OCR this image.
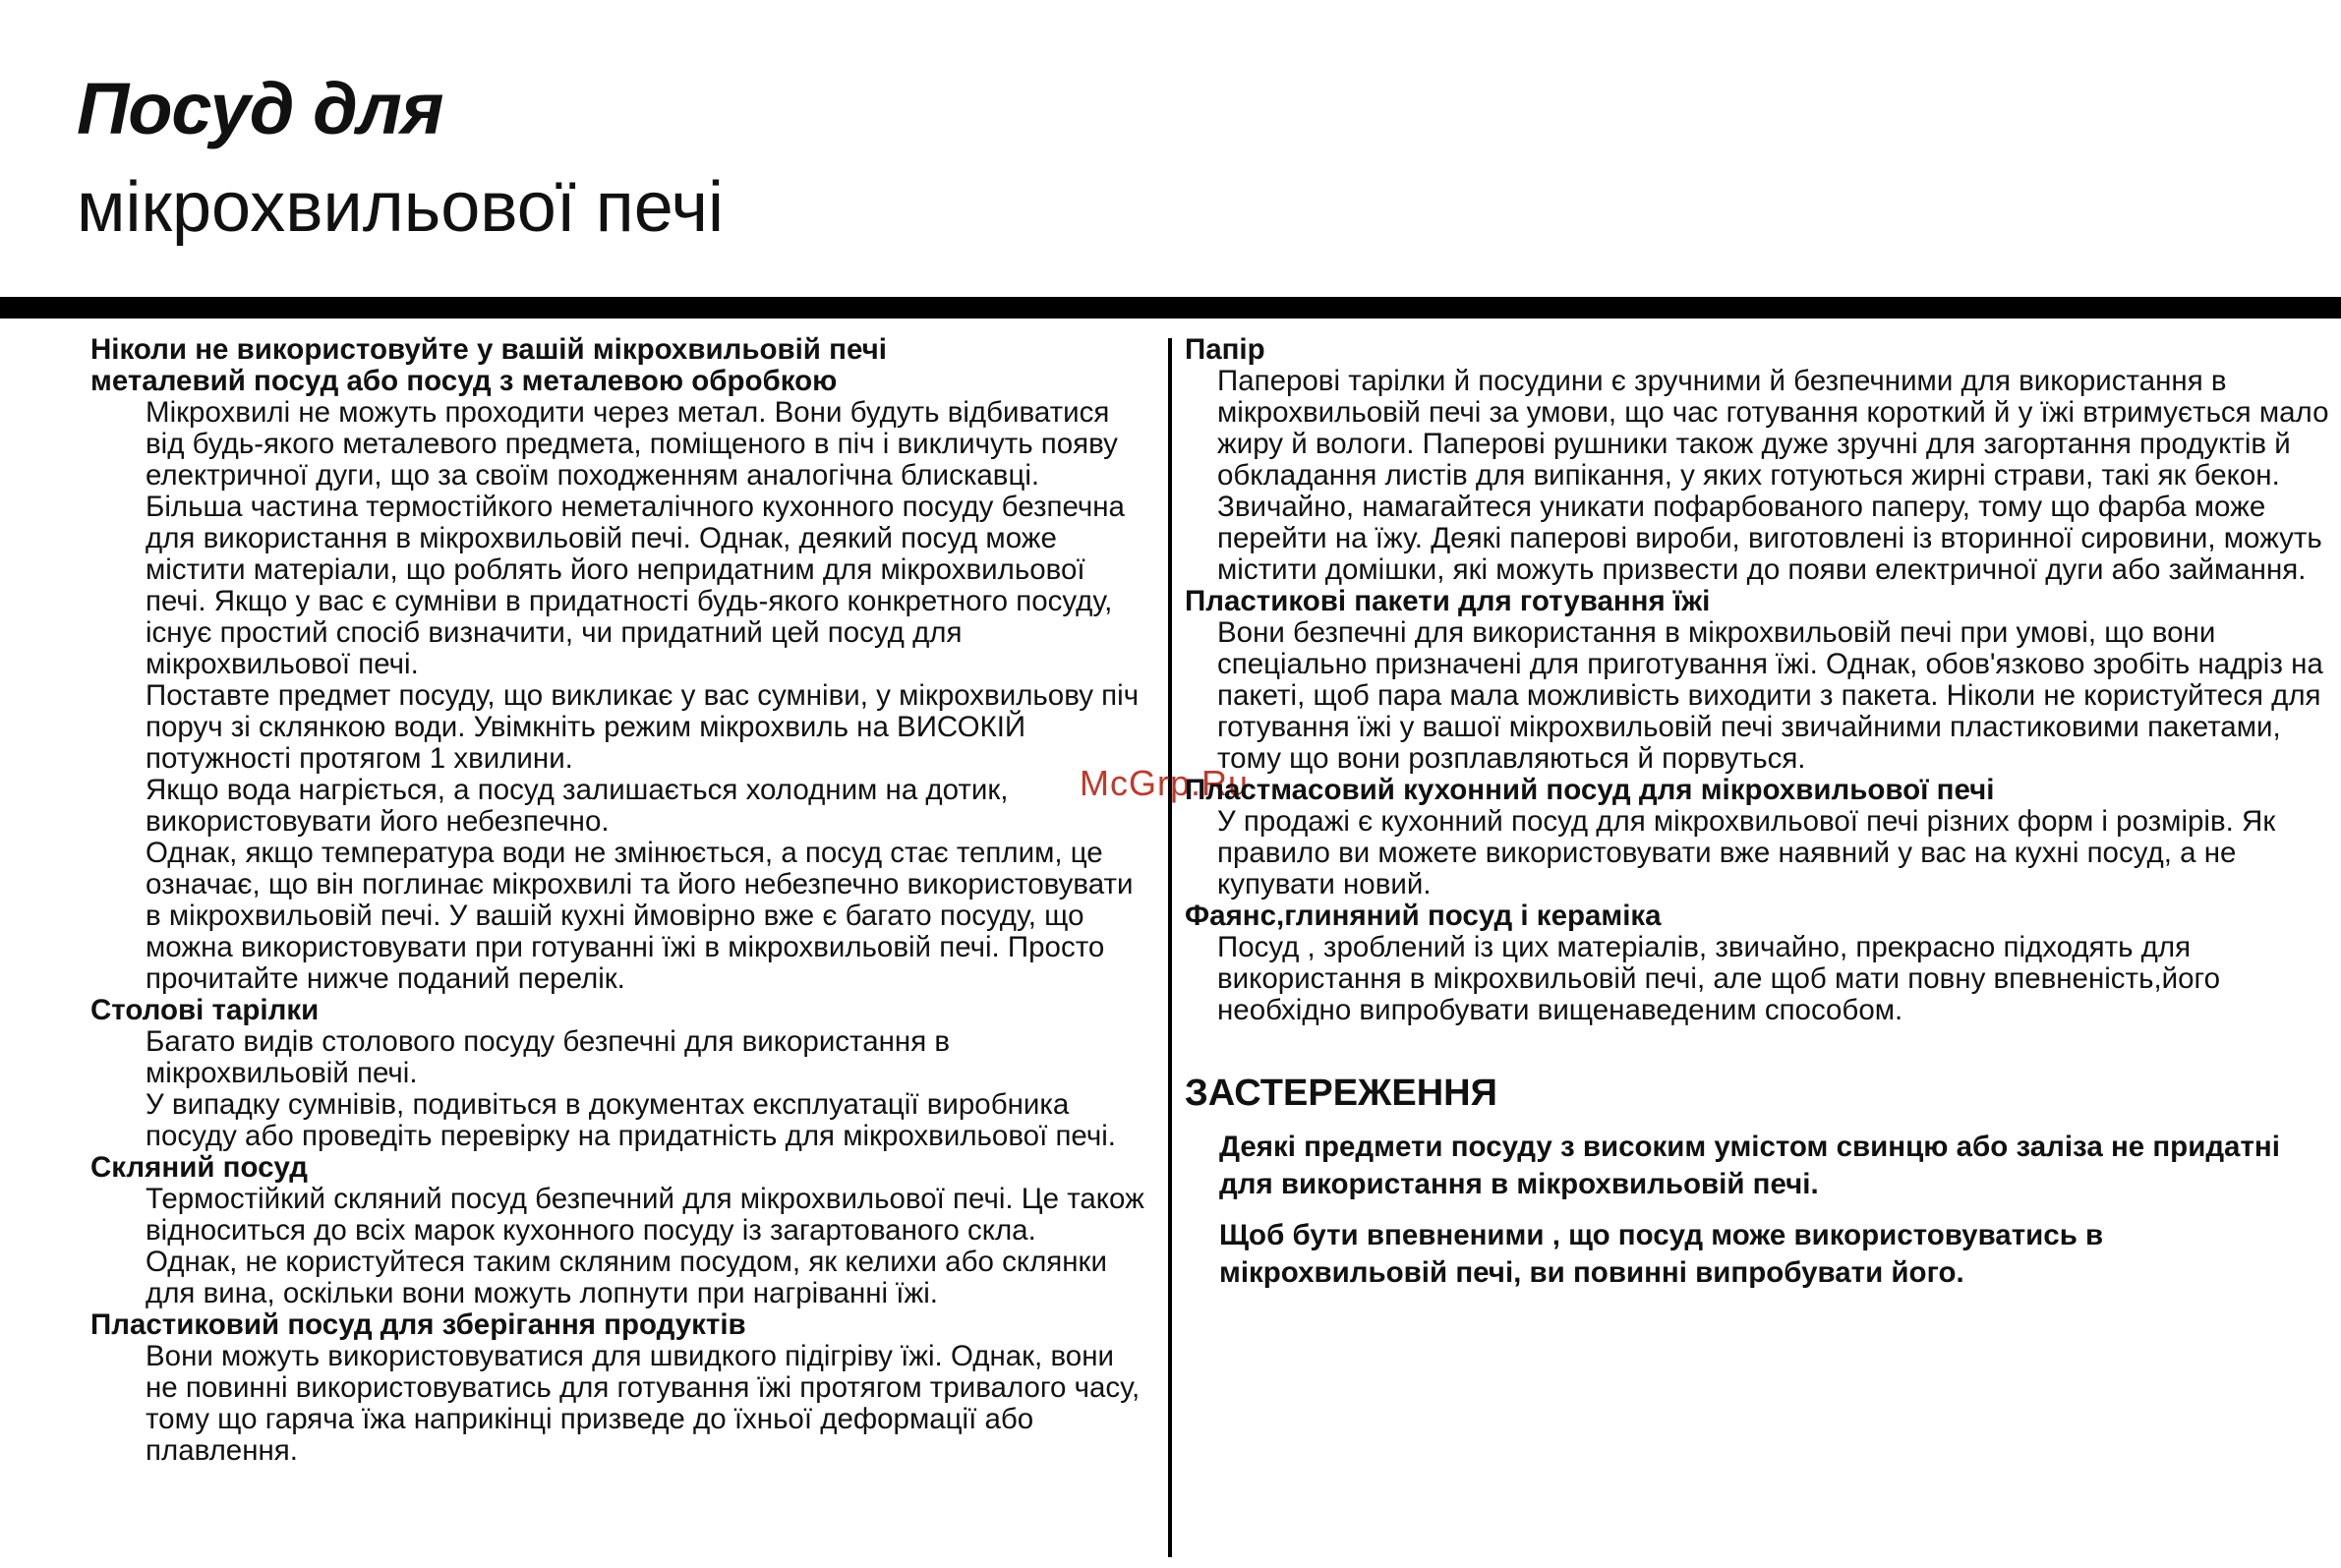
Посуд для
мікрохвильової печі
McGrp.Ru
Ніколи не використовуйте у вашій мікрохвильовій печі
металевий посуд або посуд з металевою обробкою

Мікрохвилі не можуть проходити через метал. Вони будуть відбиватися від будь-якого металевого предмета, поміщеного в піч і викличуть появу електричної дуги, що за своїм походженням аналогічна блискавці.

Більша частина термостійкого неметалічного кухонного посуду безпечна для використання в мікрохвильовій печі. Однак, деякий посуд може містити матеріали, що роблять його непридатним для мікрохвильової печі. Якщо у вас є сумніви в придатності будь-якого конкретного посуду, існує простий спосіб визначити, чи придатний цей посуд для мікрохвильової печі.

Поставте предмет посуду, що викликає у вас сумніви, у мікрохвильову піч поруч зі склянкою води. Увімкніть режим мікрохвиль на ВИСОКІЙ потужності протягом 1 хвилини.

Якщо вода нагріється, а посуд залишається холодним на дотик, використовувати його небезпечно.

Однак, якщо температура води не змінюється, а посуд стає теплим, це означає, що він поглинає мікрохвилі та його небезпечно використовувати в мікрохвильовій печі. У вашій кухні ймовірно вже є багато посуду, що можна використовувати при готуванні їжі в мікрохвильовій печі. Просто прочитайте нижче поданий перелік.

Столові тарілки

Багато видів столового посуду безпечні для використання в мікрохвильовій печі.

У випадку сумнівів, подивіться в документах експлуатації виробника посуду або проведіть перевірку на придатність для мікрохвильової печі.

Скляний посуд

Термостійкий скляний посуд безпечний для мікрохвильової печі. Це також відноситься до всіх марок кухонного посуду із загартованого скла.

Однак, не користуйтеся таким скляним посудом, як келихи або склянки для вина, оскільки вони можуть лопнути при нагріванні їжі.

Пластиковий посуд для зберігання продуктів

Вони можуть використовуватися для швидкого підігріву їжі. Однак, вони не повинні використовуватись для готування їжі протягом тривалого часу, тому що гаряча їжа наприкінці призведе до їхньої деформації або плавлення.

Папір

Паперові тарілки й посудини є зручними й безпечними для використання в мікрохвильовій печі за умови, що час готування короткий й у їжі втримується мало жиру й вологи. Паперові рушники також дуже зручні для загортання продуктів й обкладання листів для випікання, у яких готуються жирні страви, такі як бекон. Звичайно, намагайтеся уникати пофарбованого паперу, тому що фарба може перейти на їжу. Деякі паперові вироби, виготовлені із вторинної сировини, можуть містити домішки, які можуть призвести до появи електричної дуги або займання.

Пластикові пакети для готування їжі

Вони безпечні для використання в мікрохвильовій печі при умові, що вони спеціально призначені для приготування їжі. Однак, обов'язково зробіть надріз на пакеті, щоб пара мала можливість виходити з пакета. Ніколи не користуйтеся для готування їжі у вашої мікрохвильовій печі звичайними пластиковими пакетами, тому що вони розплавляються й порвуться.

Пластмасовий кухонний посуд для мікрохвильової печі

У продажі є кухонний посуд для мікрохвильової печі різних форм і розмірів. Як правило ви можете використовувати вже наявний у вас на кухні посуд, а не купувати новий.

Фаянс,глиняний посуд і кераміка

Посуд , зроблений із цих матеріалів, звичайно, прекрасно підходять для використання в мікрохвильовій печі, але щоб мати повну впевненість,його необхідно випробувати вищенаведеним способом.

ЗАСТЕРЕЖЕННЯ

Деякі предмети посуду з високим умістом свинцю або заліза не придатні для використання в мікрохвильовій печі.

Щоб бути впевненими , що посуд може використовуватись в мікрохвильовій печі, ви повинні випробувати його.
